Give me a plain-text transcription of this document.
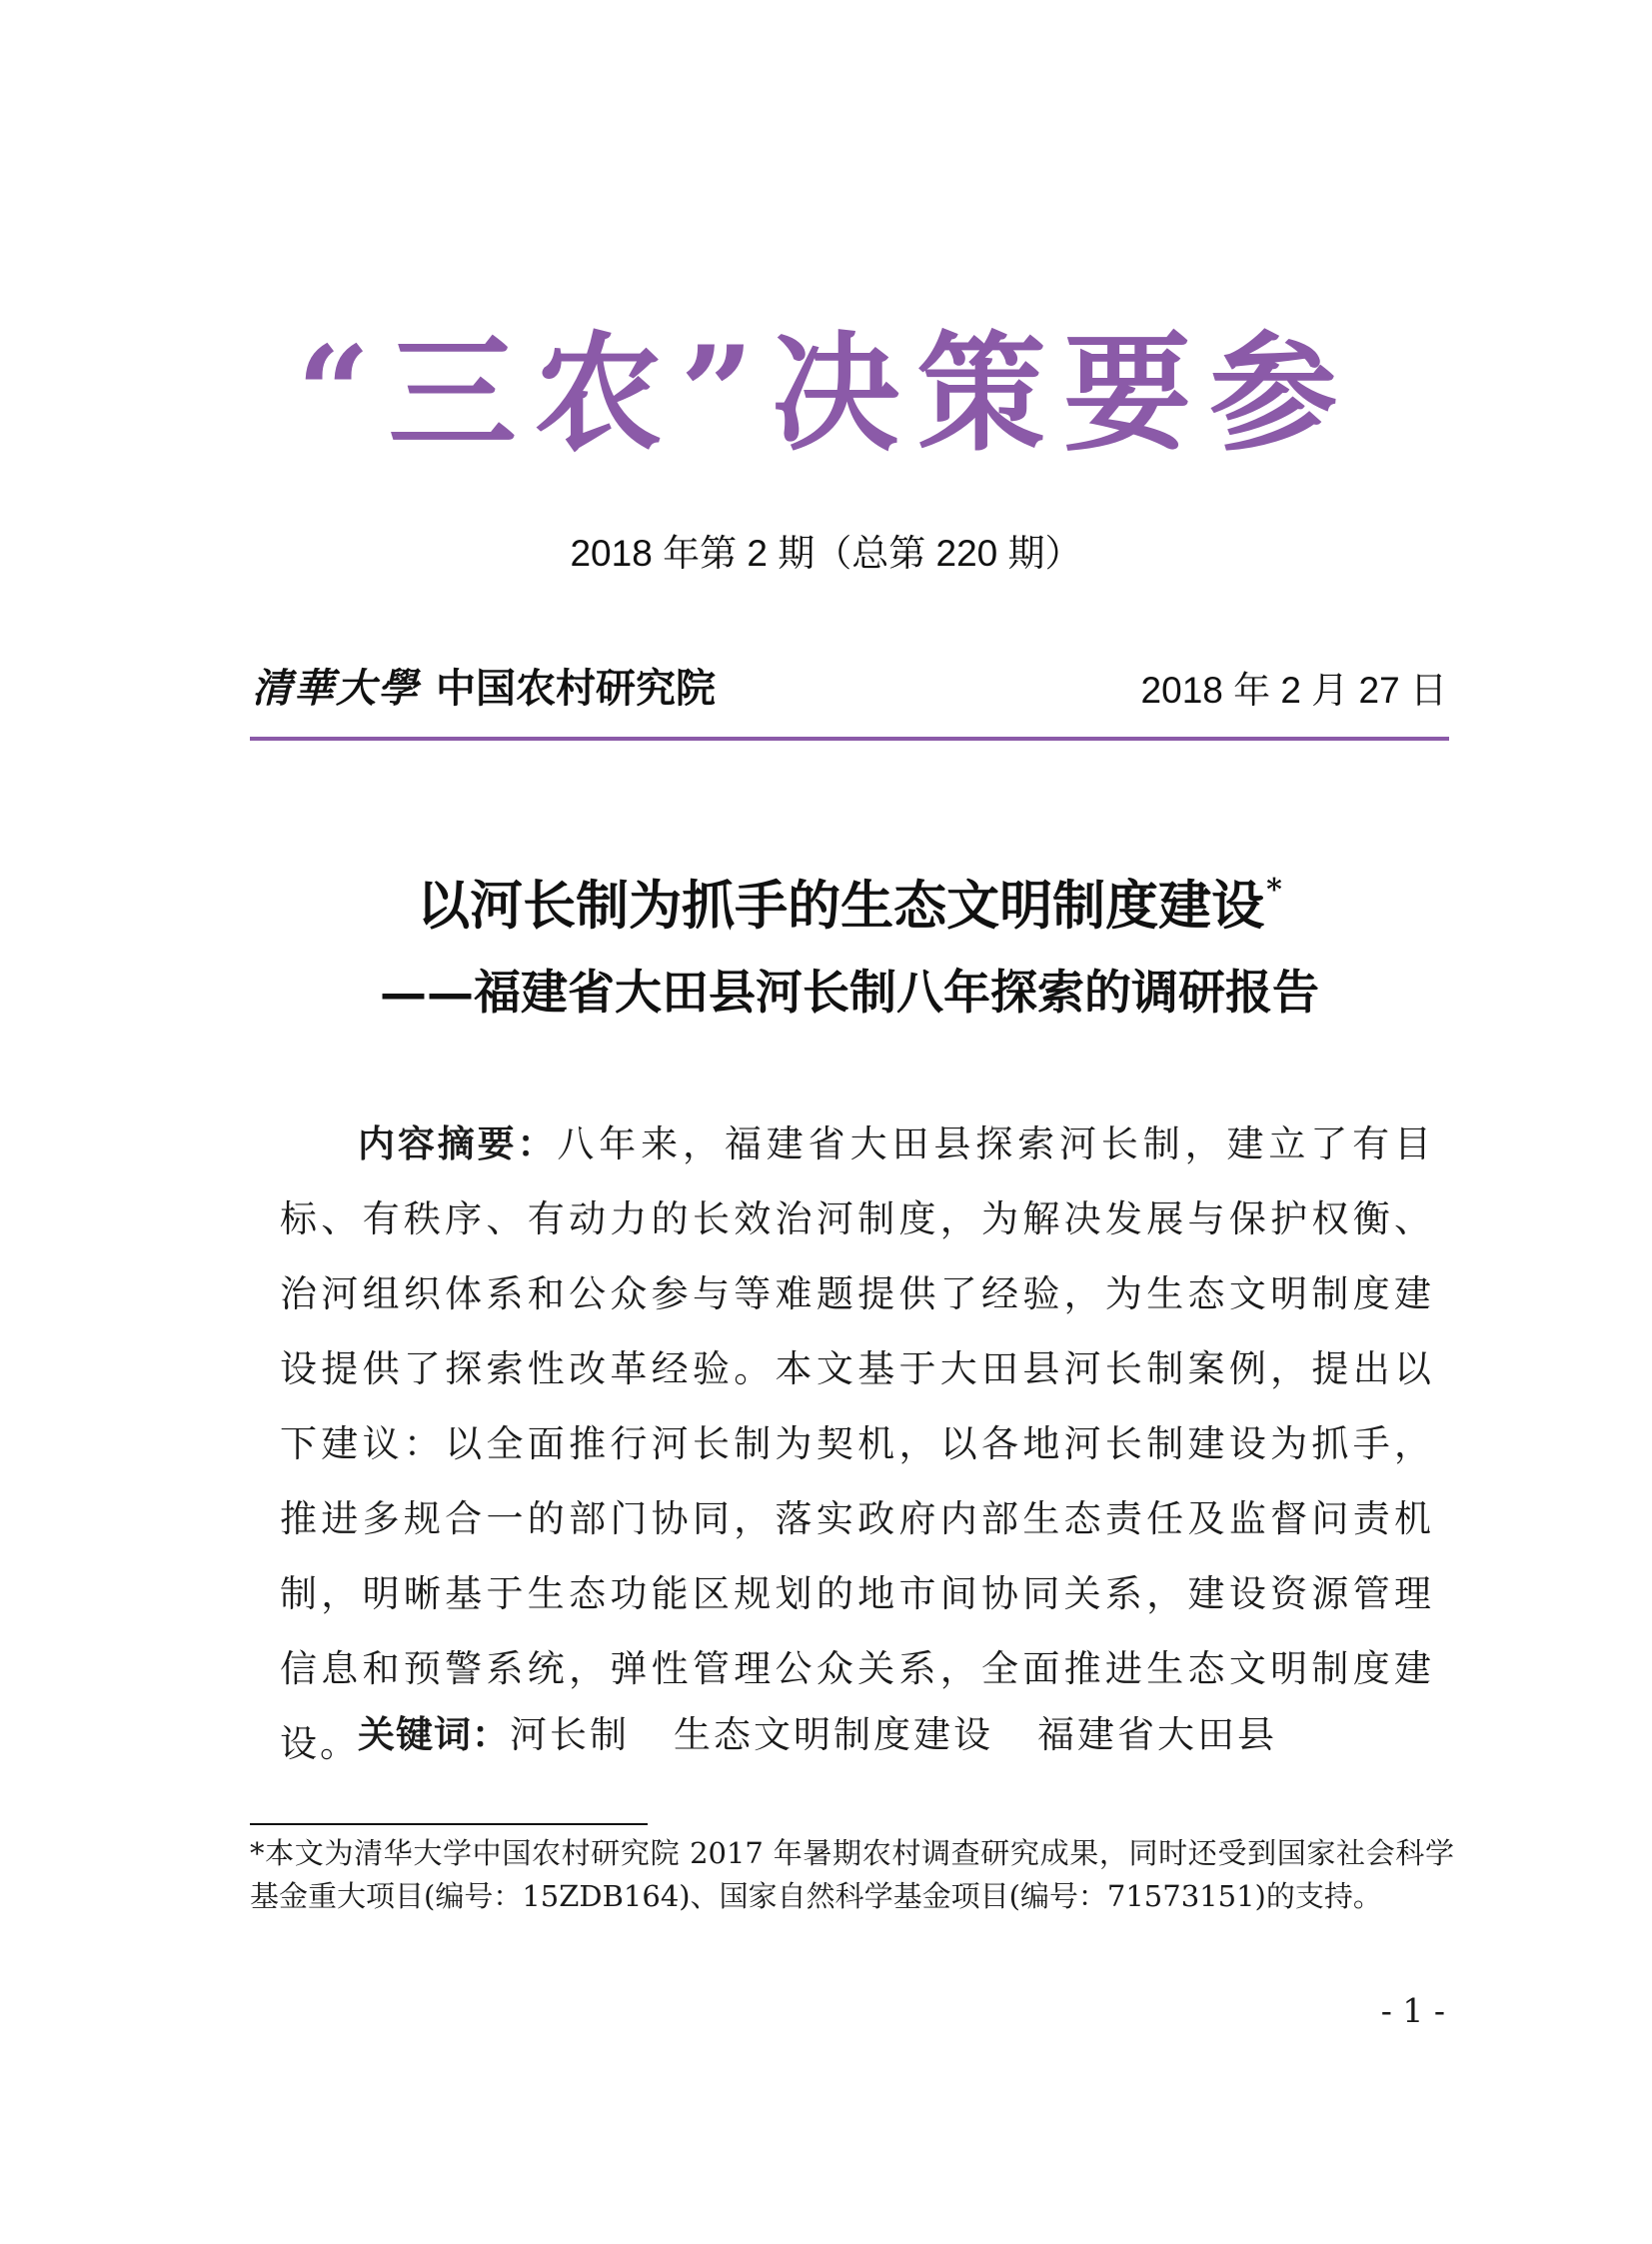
“三农”决策要参
2018 年第 2 期（总第 220 期）
清華大學 中国农村研究院	2018 年 2 月 27 日
以河长制为抓手的生态文明制度建设*
——福建省大田县河长制八年探索的调研报告
内容摘要：八年来，福建省大田县探索河长制，建立了有目标、有秩序、有动力的长效治河制度，为解决发展与保护权衡、治河组织体系和公众参与等难题提供了经验，为生态文明制度建设提供了探索性改革经验。本文基于大田县河长制案例，提出以下建议：以全面推行河长制为契机，以各地河长制建设为抓手，推进多规合一的部门协同，落实政府内部生态责任及监督问责机制，明晰基于生态功能区规划的地市间协同关系，建设资源管理信息和预警系统，弹性管理公众关系，全面推进生态文明制度建设。
关键词：河长制 生态文明制度建设 福建省大田县
*本文为清华大学中国农村研究院 2017 年暑期农村调查研究成果，同时还受到国家社会科学基金重大项目(编号：15ZDB164)、国家自然科学基金项目(编号：71573151)的支持。
- 1 -
